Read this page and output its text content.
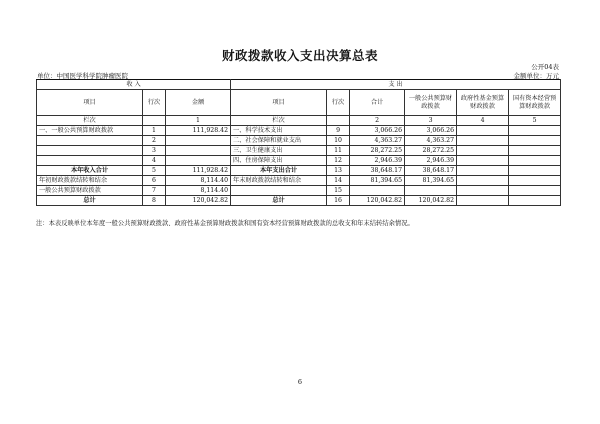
财政拨款收入支出决算总表
公开04表
单位：中国医学科学院肿瘤医院	金额单位：万元
收 入			支 出					
项目	行次	金额	项目	行次	合计	一般公共预算财政拨款	政府性基金预算财政拨款	国有资本经营预算财政拨款
栏次		1	栏次		2	3	4	5
一、一般公共预算财政拨款	1	111,928.42	一、科学技术支出	9	3,066.26	3,066.26		
	2		二、社会保障和就业支出	10	4,363.27	4,363.27		
	3		三、卫生健康支出	11	28,272.25	28,272.25		
	4		四、住房保障支出	12	2,946.39	2,946.39		
本年收入合计	5	111,928.42	本年支出合计	13	38,648.17	38,648.17		
年初财政拨款结转和结余	6	8,114.40	年末财政拨款结转和结余	14	81,394.65	81,394.65		
一般公共预算财政拨款	7	8,114.40		15				
总计	8	120,042.82	总计	16	120,042.82	120,042.82		
注：本表反映单位本年度一般公共预算财政拨款、政府性基金预算财政拨款和国有资本经营预算财政拨款的总收支和年末结转结余情况。
6
